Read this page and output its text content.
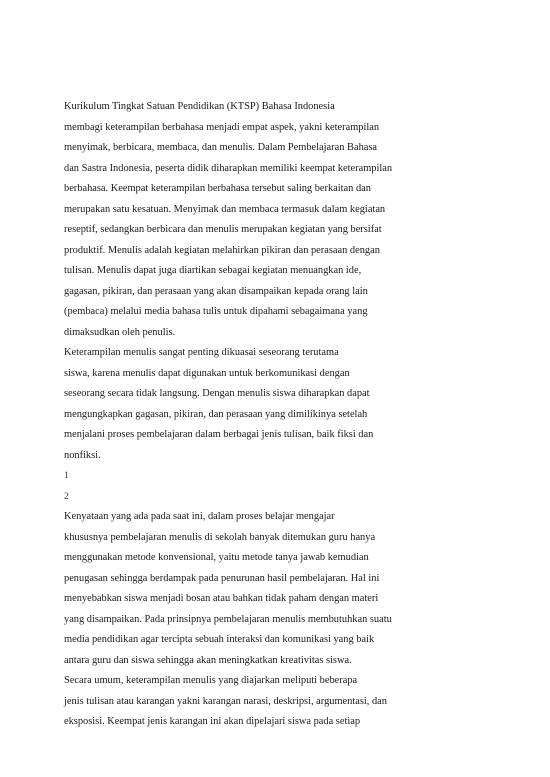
Kurikulum Tingkat Satuan Pendidikan (KTSP) Bahasa Indonesia
membagi keterampilan berbahasa menjadi empat aspek, yakni keterampilan
menyimak, berbicara, membaca, dan menulis. Dalam Pembelajaran Bahasa
dan Sastra Indonesia, peserta didik diharapkan memiliki keempat keterampilan
berbahasa. Keempat keterampilan berbahasa tersebut saling berkaitan dan
merupakan satu kesatuan. Menyimak dan membaca termasuk dalam kegiatan
reseptif, sedangkan berbicara dan menulis merupakan kegiatan yang bersifat
produktif. Menulis adalah kegiatan melahirkan pikiran dan perasaan dengan
tulisan. Menulis dapat juga diartikan sebagai kegiatan menuangkan ide,
gagasan, pikiran, dan perasaan yang akan disampaikan kepada orang lain
(pembaca) melalui media bahasa tulis untuk dipahami sebagaimana yang
dimaksudkan oleh penulis.
Keterampilan menulis sangat penting dikuasai seseorang terutama
siswa, karena menulis dapat digunakan untuk berkomunikasi dengan
seseorang secara tidak langsung. Dengan menulis siswa diharapkan dapat
mengungkapkan gagasan, pikiran, dan perasaan yang dimilikinya setelah
menjalani proses pembelajaran dalam berbagai jenis tulisan, baik fiksi dan
nonfiksi.
1
2
Kenyataan yang ada pada saat ini, dalam proses belajar mengajar
khususnya pembelajaran menulis di sekolah banyak ditemukan guru hanya
menggunakan metode konvensional, yaitu metode tanya jawab kemudian
penugasan sehingga berdampak pada penurunan hasil pembelajaran. Hal ini
menyebabkan siswa menjadi bosan atau bahkan tidak paham dengan materi
yang disampaikan. Pada prinsipnya pembelajaran menulis membutuhkan suatu
media pendidikan agar tercipta sebuah interaksi dan komunikasi yang baik
antara guru dan siswa sehingga akan meningkatkan kreativitas siswa.
Secara umum, keterampilan menulis yang diajarkan meliputi beberapa
jenis tulisan atau karangan yakni karangan narasi, deskripsi, argumentasi, dan
eksposisi. Keempat jenis karangan ini akan dipelajari siswa pada setiap
